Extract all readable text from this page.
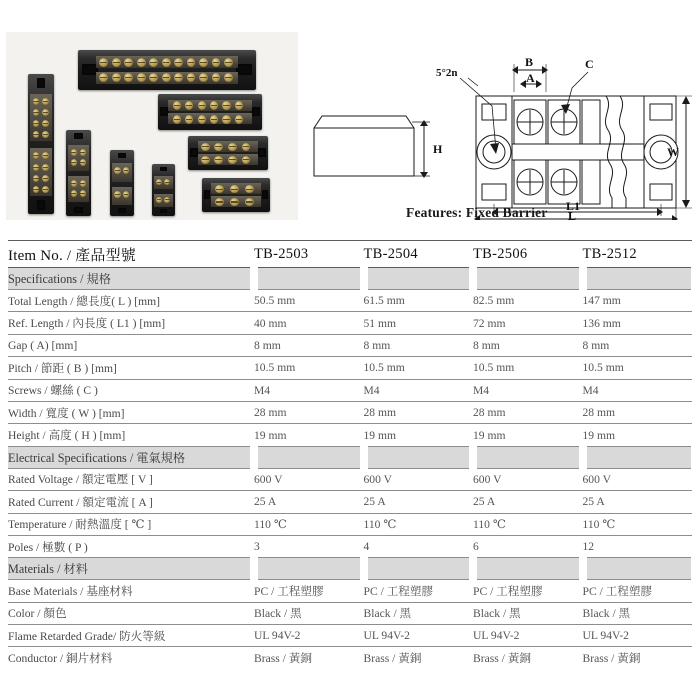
H
5°2n
B
A
C
W
L1
L
Features: Fixed Barrier
Item No. / 產品型號	TB-2503	TB-2504	TB-2506	TB-2512
Specifications / 規格				
Total Length / 總長度( L ) [mm]	50.5 mm	61.5 mm	82.5 mm	147 mm
Ref. Length / 內長度 ( L1 ) [mm]	40 mm	51 mm	72 mm	136 mm
Gap ( A) [mm]	8 mm	8 mm	8 mm	8 mm
Pitch / 節距 ( B ) [mm]	10.5 mm	10.5 mm	10.5 mm	10.5 mm
Screws / 螺絲 ( C )	M4	M4	M4	M4
Width / 寬度 ( W ) [mm]	28 mm	28 mm	28 mm	28 mm
Height / 高度 ( H ) [mm]	19 mm	19 mm	19 mm	19 mm
Electrical Specifications / 電氣規格				
Rated Voltage / 額定電壓 [ V ]	600 V	600 V	600 V	600 V
Rated Current / 額定電流 [ A ]	25 A	25 A	25 A	25 A
Temperature / 耐熱溫度 [ ℃ ]	110 ℃	110 ℃	110 ℃	110 ℃
Poles / 極數 ( P )	3	4	6	12
Materials / 材料				
Base Materials / 基座材料	PC / 工程塑膠	PC / 工程塑膠	PC / 工程塑膠	PC / 工程塑膠
Color / 顏色	Black / 黑	Black / 黑	Black / 黑	Black / 黑
Flame Retarded Grade/ 防火等級	UL 94V-2	UL 94V-2	UL 94V-2	UL 94V-2
Conductor / 銅片材料	Brass / 黃銅	Brass / 黃銅	Brass / 黃銅	Brass / 黃銅
